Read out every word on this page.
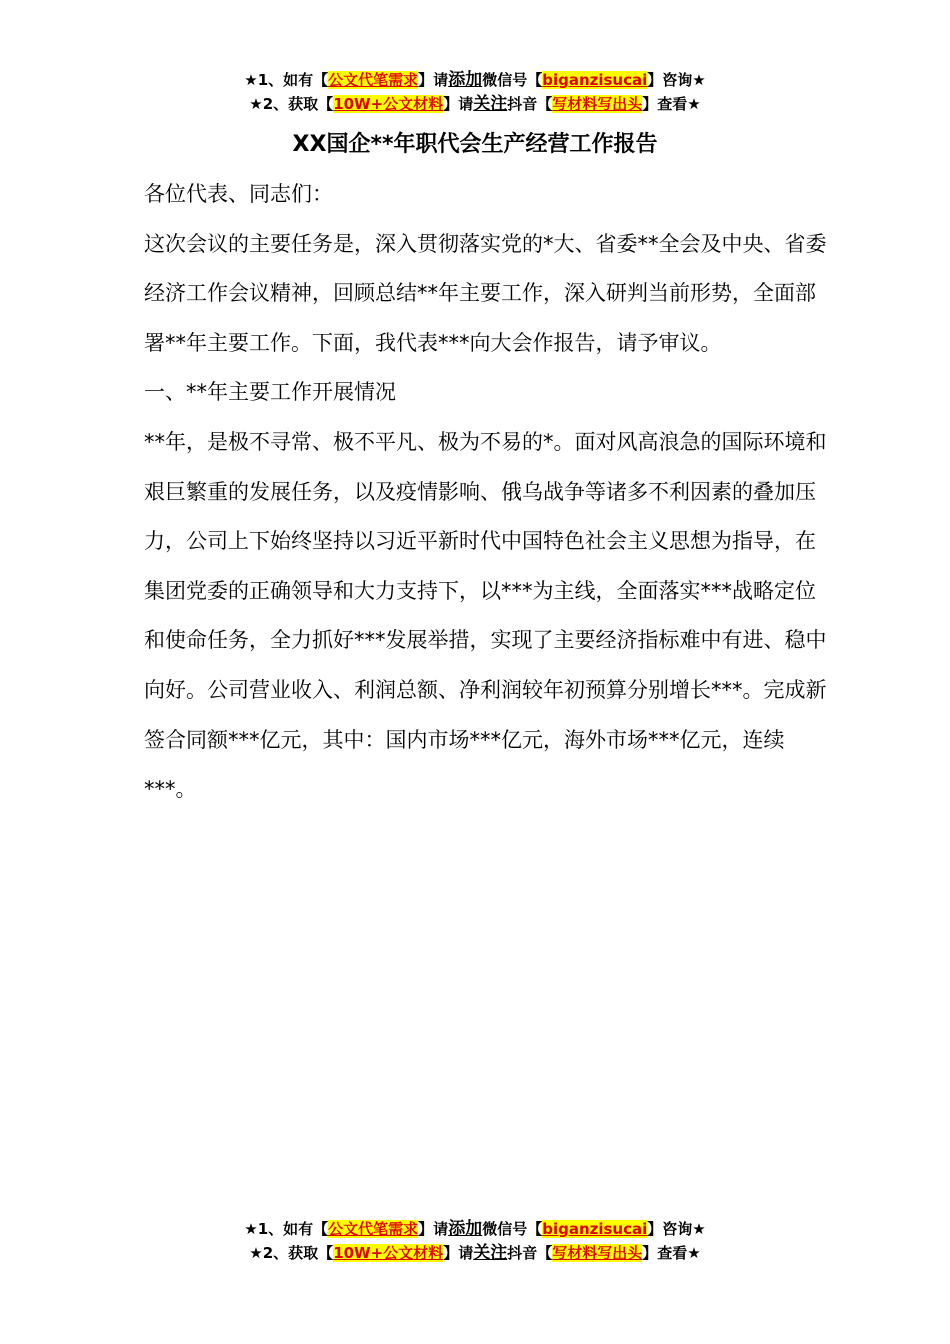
★1、如有【公文代笔需求】请添加微信号【biganzisucai】咨询★
★2、获取【10W+公文材料】请关注抖音【写材料写出头】查看★
XX国企**年职代会生产经营工作报告

各位代表、同志们：

这次会议的主要任务是，深入贯彻落实党的*大、省委**全会及中央、省委经济工作会议精神，回顾总结**年主要工作，深入研判当前形势，全面部署**年主要工作。下面，我代表***向大会作报告，请予审议。

一、**年主要工作开展情况

**年，是极不寻常、极不平凡、极为不易的*。面对风高浪急的国际环境和艰巨繁重的发展任务，以及疫情影响、俄乌战争等诸多不利因素的叠加压力，公司上下始终坚持以习近平新时代中国特色社会主义思想为指导，在集团党委的正确领导和大力支持下，以***为主线，全面落实***战略定位和使命任务，全力抓好***发展举措，实现了主要经济指标难中有进、稳中向好。公司营业收入、利润总额、净利润较年初预算分别增长***。完成新签合同额***亿元，其中：国内市场***亿元，海外市场***亿元，连续***。

★1、如有【公文代笔需求】请添加微信号【biganzisucai】咨询★
★2、获取【10W+公文材料】请关注抖音【写材料写出头】查看★
